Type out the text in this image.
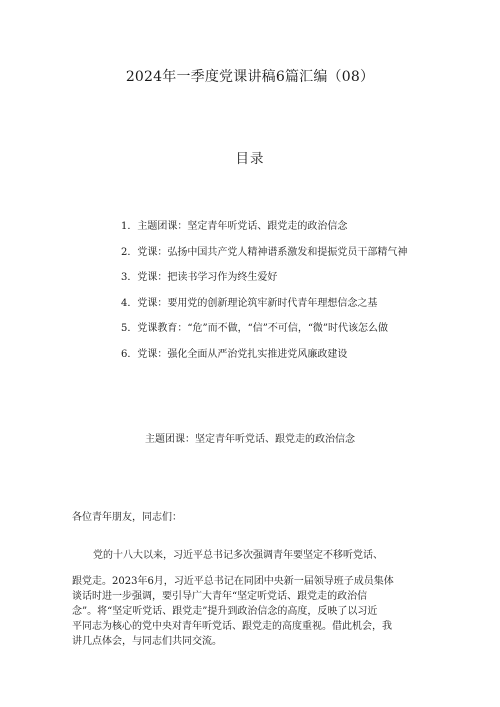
2024年一季度党课讲稿6篇汇编（08）
目录
1．主题团课：坚定青年听党话、跟党走的政治信念
2．党课：弘扬中国共产党人精神谱系激发和提振党员干部精气神
3．党课：把读书学习作为终生爱好
4．党课：要用党的创新理论筑牢新时代青年理想信念之基
5．党课教育：“危”而不做，“信”不可信，“微”时代该怎么做
6．党课：强化全面从严治党扎实推进党风廉政建设
主题团课：坚定青年听党话、跟党走的政治信念
各位青年朋友，同志们：
党的十八大以来，习近平总书记多次强调青年要坚定不移听党话、

跟党走。2023年6月，习近平总书记在同团中央新一届领导班子成员集体
谈话时进一步强调，要引导广大青年“坚定听党话、跟党走的政治信
念”。将“坚定听党话、跟党走”提升到政治信念的高度，反映了以习近
平同志为核心的党中央对青年听党话、跟党走的高度重视。借此机会，我
讲几点体会，与同志们共同交流。
